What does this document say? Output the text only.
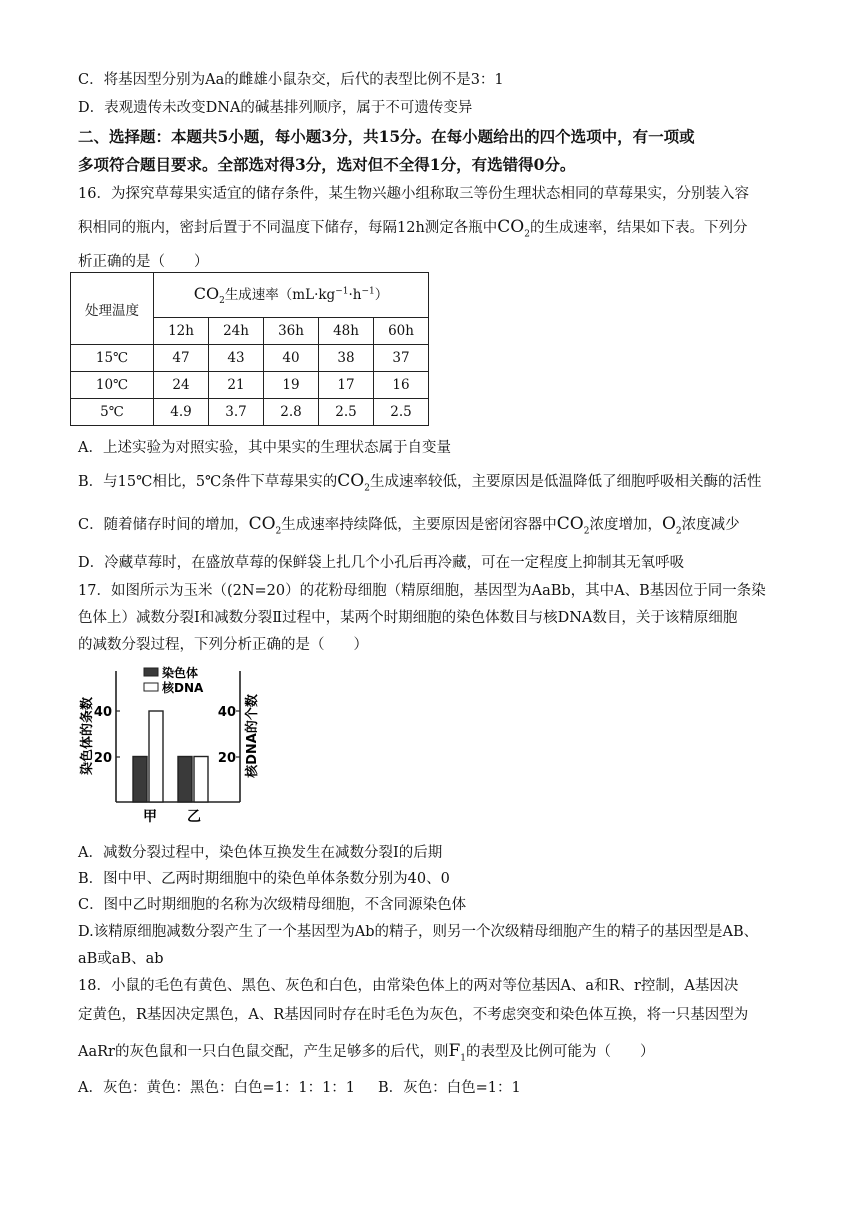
C．将基因型分别为Aa的雌雄小鼠杂交，后代的表型比例不是3：1
D．表观遗传未改变DNA的碱基排列顺序，属于不可遗传变异
二、选择题：本题共5小题，每小题3分，共15分。在每小题给出的四个选项中，有一项或
多项符合题目要求。全部选对得3分，选对但不全得1分，有选错得0分。
16．为探究草莓果实适宜的储存条件，某生物兴趣小组称取三等份生理状态相同的草莓果实，分别装入容
积相同的瓶内，密封后置于不同温度下储存，每隔12h测定各瓶中$CO_2$的生成速率，结果如下表。下列分
析正确的是（　　）
处理温度	$CO_2$生成速率$(mL\cdot kg^{-1}\cdot h^{-1})$				
	12h	24h	36h	48h	60h
15℃	47	43	40	38	37
10℃	24	21	19	17	16
5℃	4.9	3.7	2.8	2.5	2.5
A．上述实验为对照实验，其中果实的生理状态属于自变量
B．与15℃相比，5℃条件下草莓果实的$CO_2$生成速率较低，主要原因是低温降低了细胞呼吸相关酶的活性
C．随着储存时间的增加，$CO_2$生成速率持续降低，主要原因是密闭容器中$CO_2$浓度增加，$O_2$浓度减少
D．冷藏草莓时，在盛放草莓的保鲜袋上扎几个小孔后再冷藏，可在一定程度上抑制其无氧呼吸
17．如图所示为玉米（(2N=20）的花粉母细胞（精原细胞，基因型为AaBb，其中A、B基因位于同一条染
色体上）减数分裂Ⅰ和减数分裂Ⅱ过程中，某两个时期细胞的染色体数目与核DNA数目，关于该精原细胞
的减数分裂过程，下列分析正确的是（　　）
40
20
40
20
染色体的条数	核DNA的个数
染色体
核DNA
甲 乙
A．减数分裂过程中，染色体互换发生在减数分裂Ⅰ的后期
B．图中甲、乙两时期细胞中的染色单体条数分别为40、0
C．图中乙时期细胞的名称为次级精母细胞，不含同源染色体
D.该精原细胞减数分裂产生了一个基因型为Ab的精子，则另一个次级精母细胞产生的精子的基因型是AB、
aB或aB、ab
18．小鼠的毛色有黄色、黑色、灰色和白色，由常染色体上的两对等位基因A、a和R、r控制，A基因决
定黄色，R基因决定黑色，A、R基因同时存在时毛色为灰色，不考虑突变和染色体互换，将一只基因型为
AaRr的灰色鼠和一只白色鼠交配，产生足够多的后代，则$F_1$的表型及比例可能为（　　）
A．灰色：黄色：黑色：白色=1：1：1：1 B．灰色：白色=1：1
